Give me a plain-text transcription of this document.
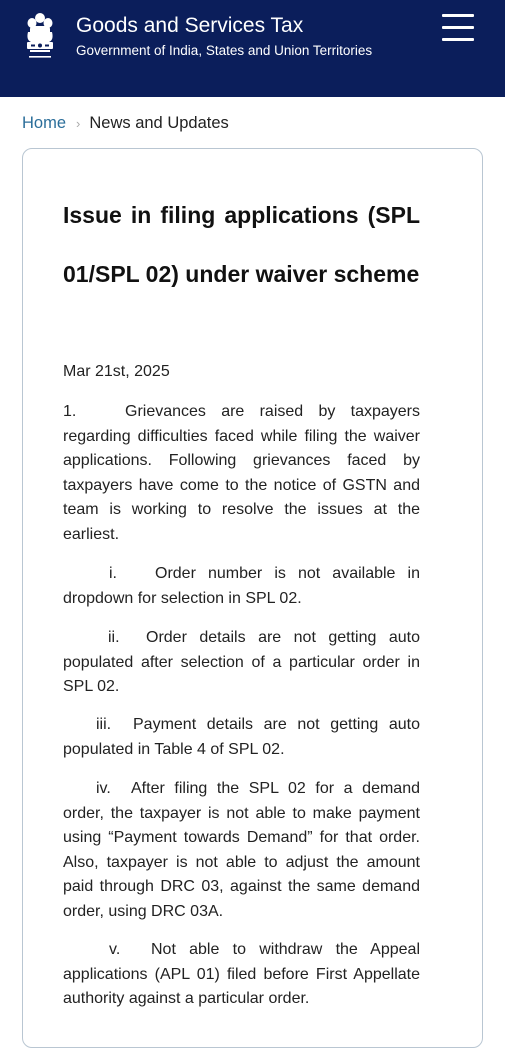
Goods and Services Tax
Government of India, States and Union Territories
Home › News and Updates
Issue in filing applications (SPL 01/SPL 02) under waiver scheme
Mar 21st, 2025

1.	Grievances are raised by taxpayers regarding difficulties faced while filing the waiver applications. Following grievances faced by taxpayers have come to the notice of GSTN and team is working to resolve the issues at the earliest.

i. Order number is not available in dropdown for selection in SPL 02.

ii. Order details are not getting auto populated after selection of a particular order in SPL 02.

iii. Payment details are not getting auto populated in Table 4 of SPL 02.

iv. After filing the SPL 02 for a demand order, the taxpayer is not able to make payment using “Payment towards Demand” for that order. Also, taxpayer is not able to adjust the amount paid through DRC 03, against the same demand order, using DRC 03A.

v. Not able to withdraw the Appeal applications (APL 01) filed before First Appellate authority against a particular order.
